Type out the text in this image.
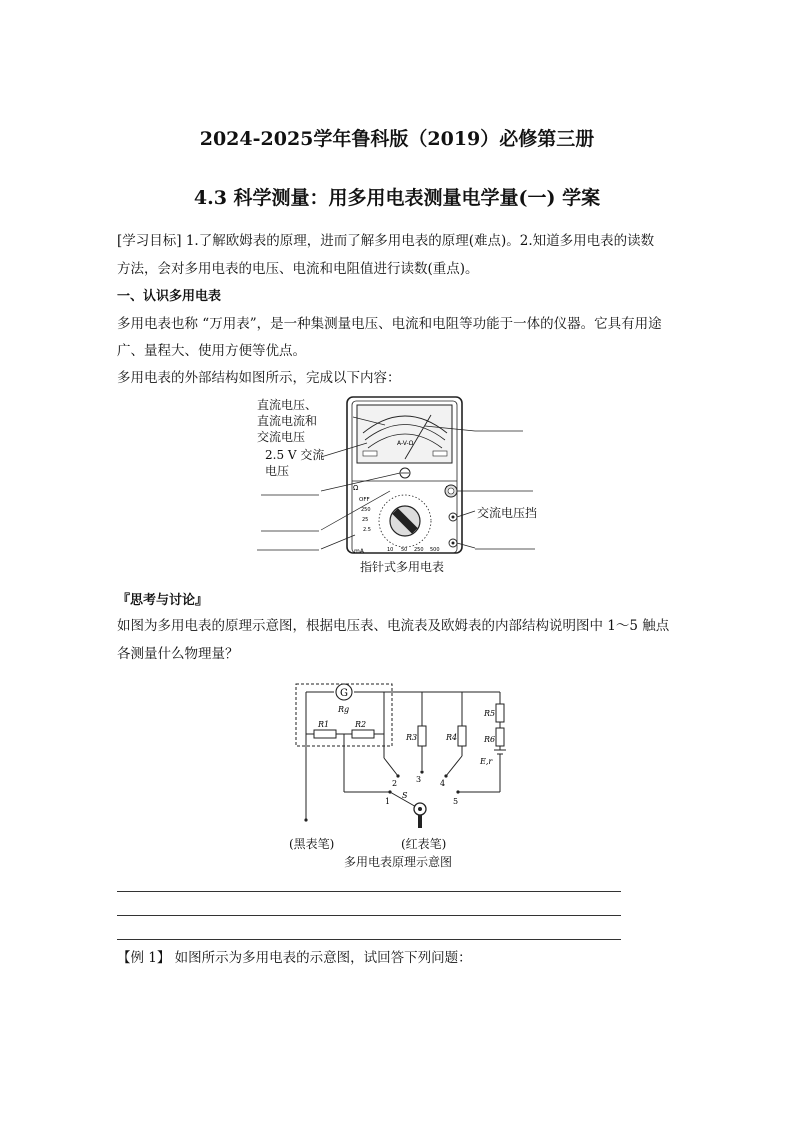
2024-2025学年鲁科版（2019）必修第三册
4.3 科学测量：用多用电表测量电学量(一) 学案
[学习目标] 1.了解欧姆表的原理，进而了解多用电表的原理(难点)。2.知道多用电表的读数
方法，会对多用电表的电压、电流和电阻值进行读数(重点)。
一、认识多用电表
多用电表也称 “万用表”，是一种集测量电压、电流和电阻等功能于一体的仪器。它具有用途
广、量程大、使用方便等优点。
多用电表的外部结构如图所示，完成以下内容：
A-V-Ω
Ω
OFF
mA
250
25
2.5
10 50 250 500
直流电压、
直流电流和
交流电压
2.5 V 交流
电压
交流电压挡
指针式多用电表
『思考与讨论』
如图为多用电表的原理示意图，根据电压表、电流表及欧姆表的内部结构说明图中 1～5 触点
各测量什么物理量？
G
Rg
R1	R2
R3	R4
R5
R6
E,r
S
1
2 3 4
5
(黑表笔)	(红表笔)
多用电表原理示意图
【例 1】 如图所示为多用电表的示意图，试回答下列问题：
